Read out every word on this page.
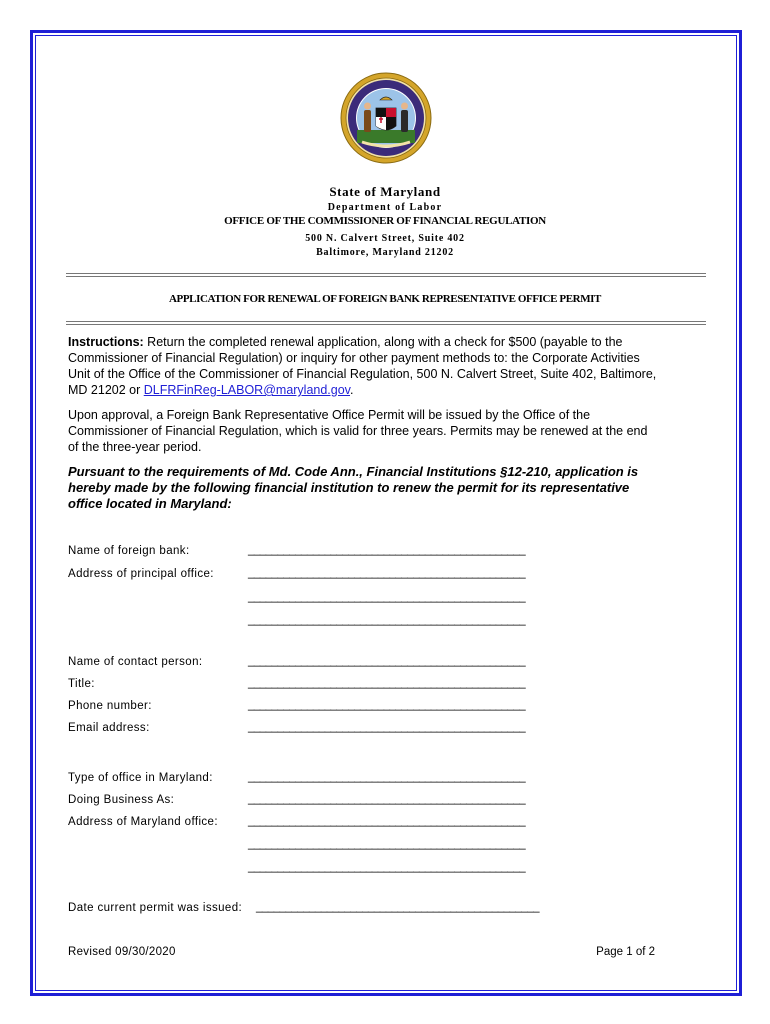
State of Maryland
Department of Labor
OFFICE OF THE COMMISSIONER OF FINANCIAL REGULATION
500 N. Calvert Street, Suite 402
Baltimore, Maryland 21202
APPLICATION FOR RENEWAL OF FOREIGN BANK REPRESENTATIVE OFFICE PERMIT
Instructions: Return the completed renewal application, along with a check for $500 (payable to the Commissioner of Financial Regulation) or inquiry for other payment methods to: the Corporate Activities Unit of the Office of the Commissioner of Financial Regulation, 500 N. Calvert Street, Suite 402, Baltimore, MD 21202 or DLFRFinReg-LABOR@maryland.gov.
Upon approval, a Foreign Bank Representative Office Permit will be issued by the Office of the Commissioner of Financial Regulation, which is valid for three years. Permits may be renewed at the end of the three-year period.
Pursuant to the requirements of Md. Code Ann., Financial Institutions §12-210, application is hereby made by the following financial institution to renew the permit for its representative office located in Maryland:
Name of foreign bank:	_______________________________________________
Address of principal office:	_______________________________________________
_______________________________________________
_______________________________________________
Name of contact person:	_______________________________________________
Title:	_______________________________________________
Phone number:	_______________________________________________
Email address:	_______________________________________________
Type of office in Maryland:	_______________________________________________
Doing Business As:	_______________________________________________
Address of Maryland office:	_______________________________________________
_______________________________________________
_______________________________________________
Date current permit was issued: ________________________________________________
Revised 09/30/2020	Page 1 of 2
